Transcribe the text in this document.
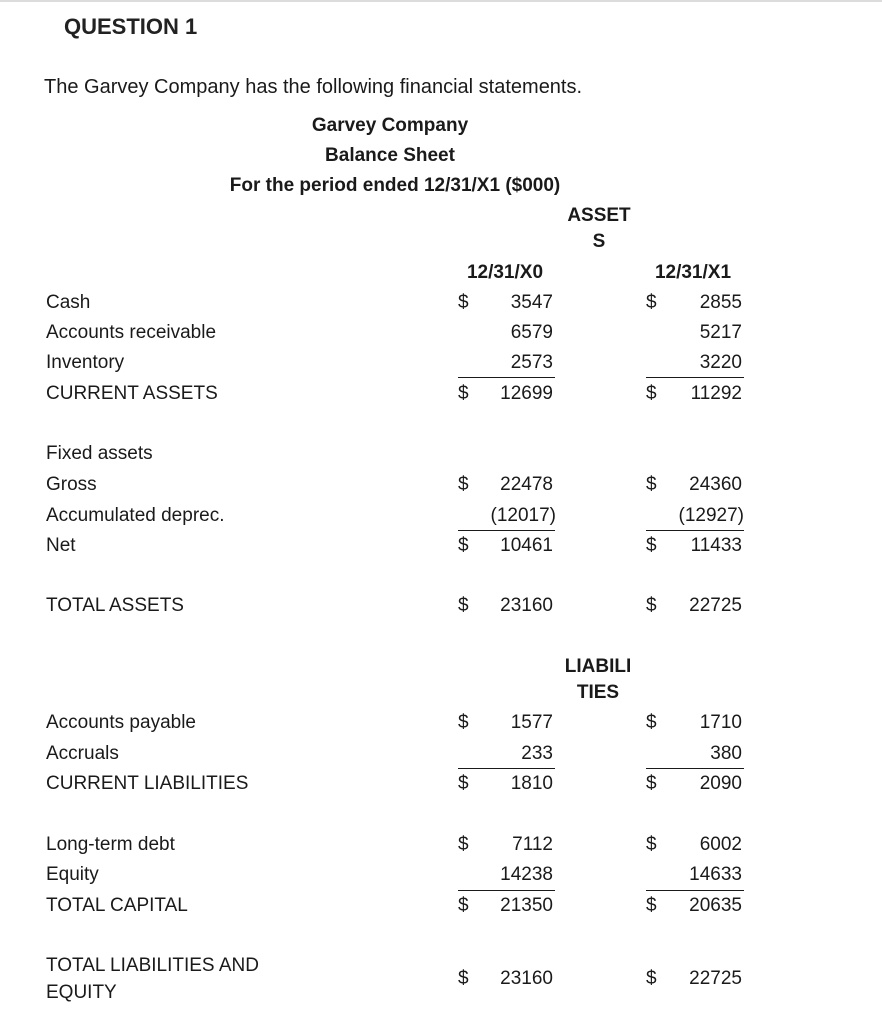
QUESTION 1
The Garvey Company has the following financial statements.
Garvey Company
Balance Sheet
For the period ended 12/31/X1 ($000)
ASSET
S
12/31/X0	12/31/X1
Cash	$ 3547	$ 2855
Accounts receivable	6579	5217
Inventory	2573	3220
CURRENT ASSETS	$ 12699	$ 11292
Fixed assets
Gross	$ 22478	$ 24360
Accumulated deprec.	(12017)	(12927)
Net	$ 10461	$ 11433
TOTAL ASSETS	$ 23160	$ 22725
LIABILI
TIES
Accounts payable	$ 1577	$ 1710
Accruals	233	380
CURRENT LIABILITIES	$ 1810	$ 2090
Long-term debt	$ 7112	$ 6002
Equity	14238	14633
TOTAL CAPITAL	$ 21350	$ 20635
TOTAL LIABILITIES AND
EQUITY
$ 23160	$ 22725
